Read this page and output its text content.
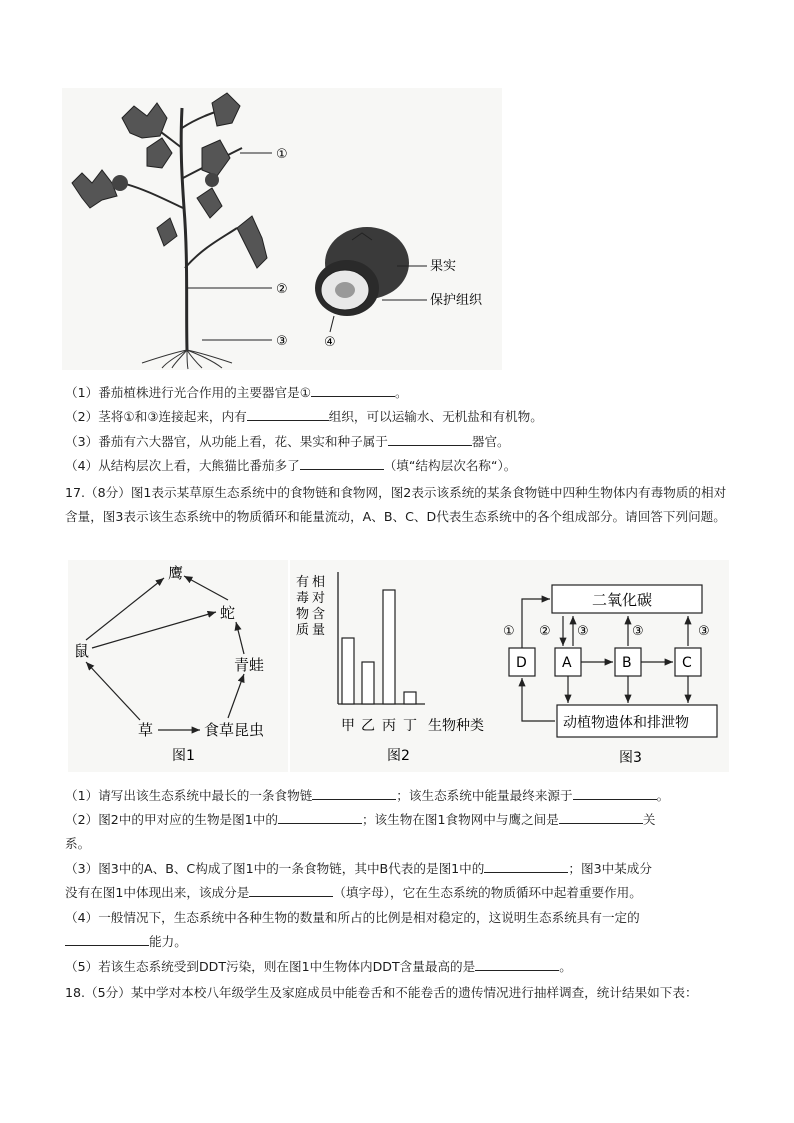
①
②
③
果实
保护组织
④
（1）番茄植株进行光合作用的主要器官是①	。
（2）茎将①和③连接起来，内有	组织，可以运输水、无机盐和有机物。
（3）番茄有六大器官，从功能上看，花、果实和种子属于	器官。
（4）从结构层次上看，大熊猫比番茄多了	（填“结构层次名称“）。
17.（8分）图1表示某草原生态系统中的食物链和食物网，图2表示该系统的某条食物链中四种生物体内有毒物质的相对含量，图3表示该生态系统中的物质循环和能量流动，A、B、C、D代表生态系统中的各个组成部分。请回答下列问题。
鹰
蛇
鼠
青蛙
草	食草昆虫
图1
有
毒
物
质
相
对
含
量
甲 乙 丙 丁 生物种类
图2
二氧化碳
动植物遗体和排泄物
D	A	B	C
① ② ③	③	③
图3
（1）请写出该生态系统中最长的一条食物链	；该生态系统中能量最终来源于	。
（2）图2中的甲对应的生物是图1中的	；该生物在图1食物网中与鹰之间是	关
系。
（3）图3中的A、B、C构成了图1中的一条食物链，其中B代表的是图1中的	；图3中某成分
没有在图1中体现出来，该成分是	（填字母），它在生态系统的物质循环中起着重要作用。
（4）一般情况下，生态系统中各种生物的数量和所占的比例是相对稳定的，这说明生态系统具有一定的
能力。
（5）若该生态系统受到DDT污染，则在图1中生物体内DDT含量最高的是	。
18.（5分）某中学对本校八年级学生及家庭成员中能卷舌和不能卷舌的遗传情况进行抽样调查，统计结果如下表：
